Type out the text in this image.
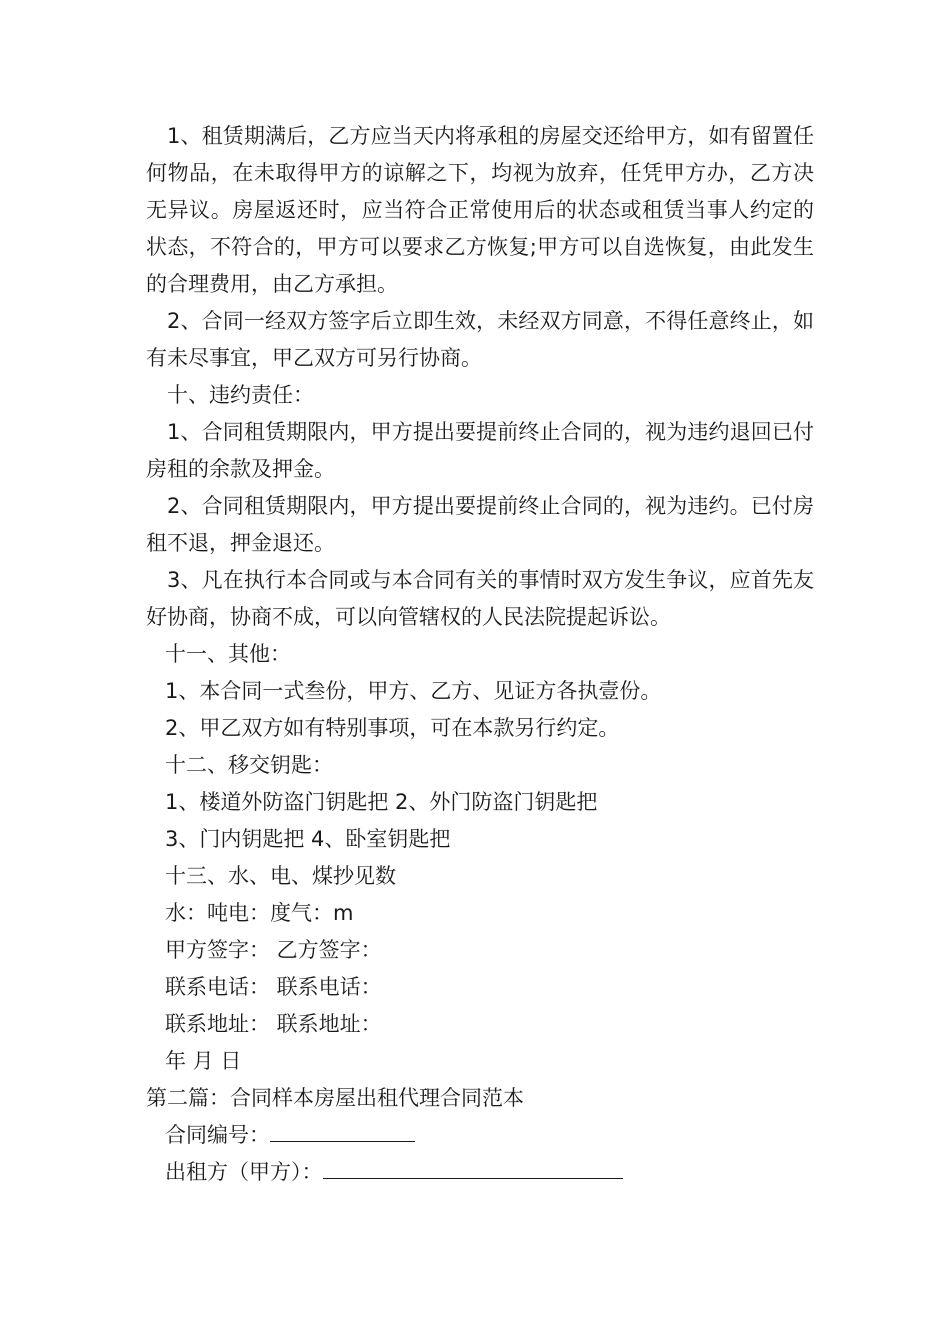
1、租赁期满后，乙方应当天内将承租的房屋交还给甲方，如有留置任何物品，在未取得甲方的谅解之下，均视为放弃，任凭甲方办，乙方决无异议。房屋返还时，应当符合正常使用后的状态或租赁当事人约定的状态，不符合的，甲方可以要求乙方恢复;甲方可以自选恢复，由此发生的合理费用，由乙方承担。

2、合同一经双方签字后立即生效，未经双方同意，不得任意终止，如有未尽事宜，甲乙双方可另行协商。

十、违约责任：

1、合同租赁期限内，甲方提出要提前终止合同的，视为违约退回已付房租的余款及押金。

2、合同租赁期限内，甲方提出要提前终止合同的，视为违约。已付房租不退，押金退还。

3、凡在执行本合同或与本合同有关的事情时双方发生争议，应首先友好协商，协商不成，可以向管辖权的人民法院提起诉讼。

十一、其他：

1、本合同一式叁份，甲方、乙方、见证方各执壹份。

2、甲乙双方如有特别事项，可在本款另行约定。

十二、移交钥匙：

1、楼道外防盗门钥匙把 2、外门防盗门钥匙把

3、门内钥匙把 4、卧室钥匙把

十三、水、电、煤抄见数

水：吨电：度气：m

甲方签字： 乙方签字：

联系电话： 联系电话：

联系地址： 联系地址：

年 月 日

第二篇：合同样本房屋出租代理合同范本

合同编号：

出租方（甲方）：
